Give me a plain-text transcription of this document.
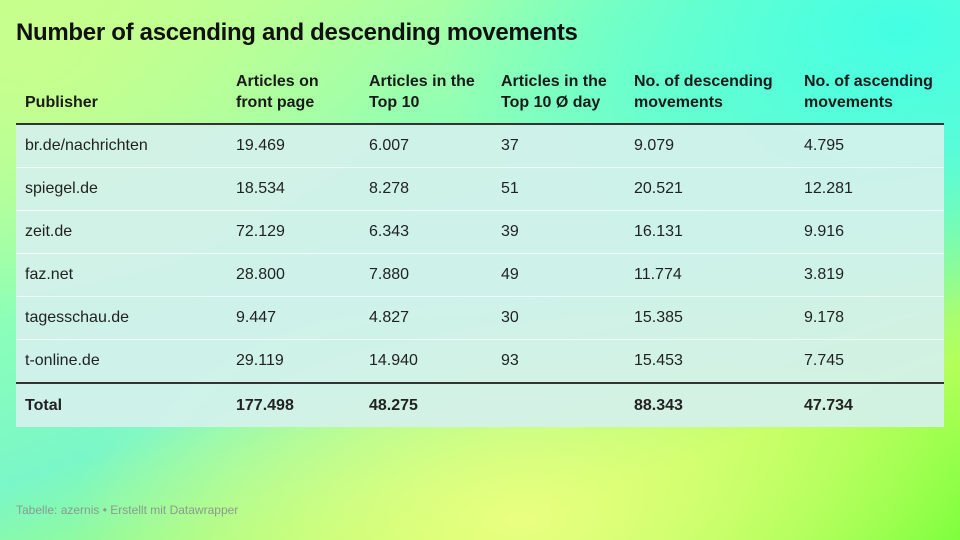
Number of ascending and descending movements
Publisher	Articles on front page	Articles in the Top 10	Articles in the Top 10 Ø day	No. of descending movements	No. of ascending movements
br.de/nachrichten	19.469	6.007	37	9.079	4.795
spiegel.de	18.534	8.278	51	20.521	12.281
zeit.de	72.129	6.343	39	16.131	9.916
faz.net	28.800	7.880	49	11.774	3.819
tagesschau.de	9.447	4.827	30	15.385	9.178
t-online.de	29.119	14.940	93	15.453	7.745
Total	177.498	48.275		88.343	47.734
Tabelle: azernis • Erstellt mit Datawrapper
